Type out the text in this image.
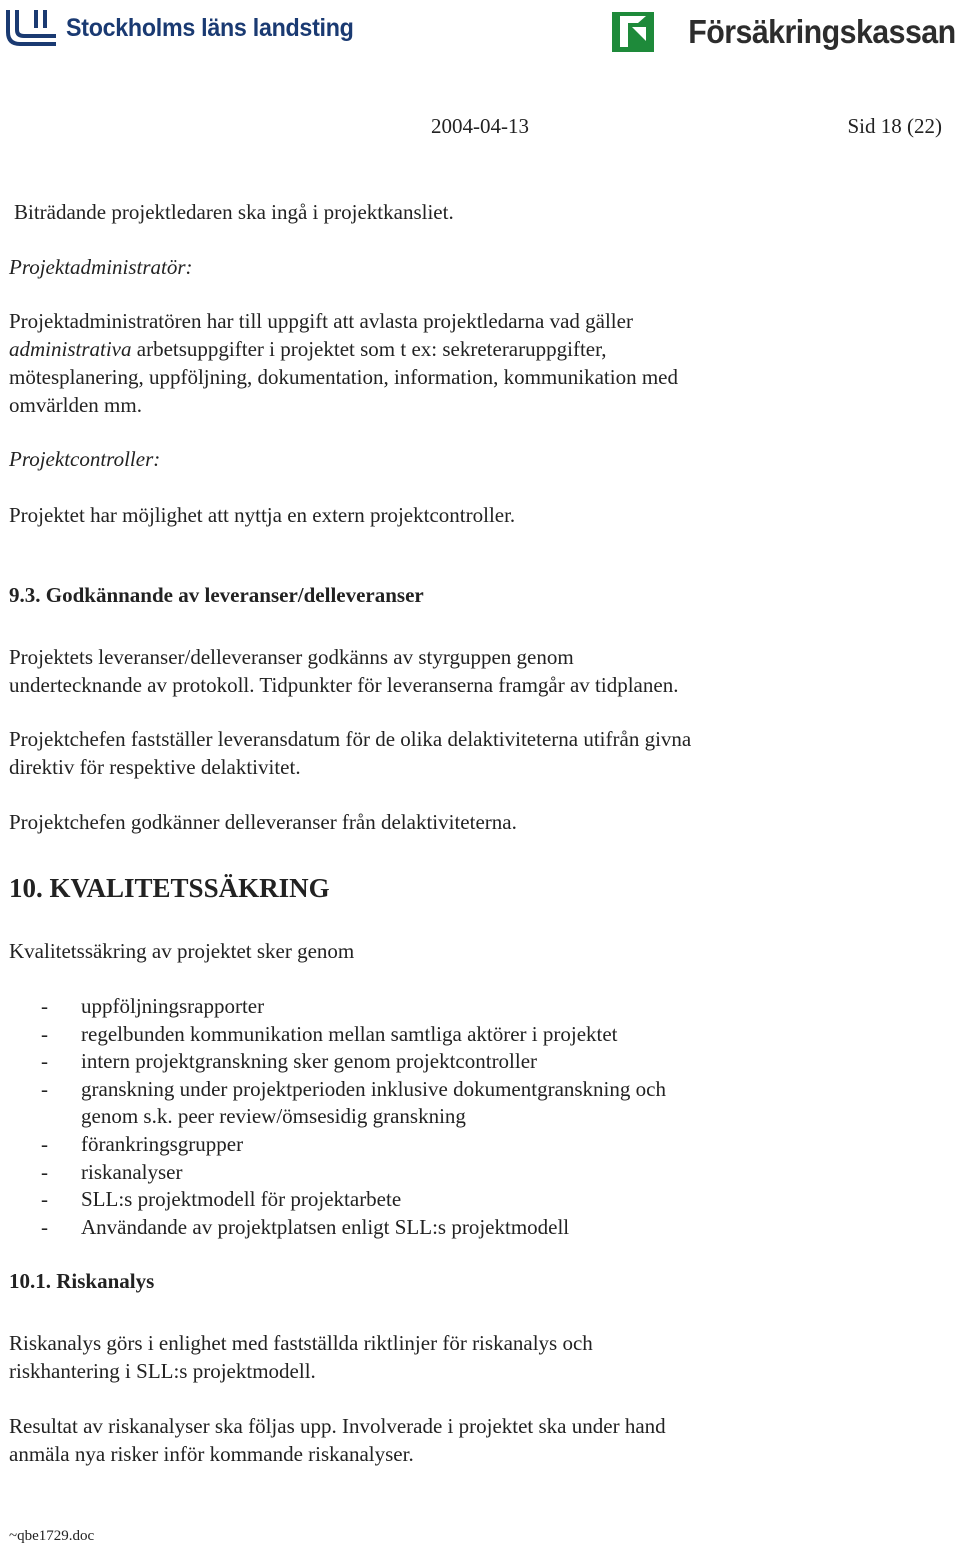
Stockholms läns landsting	Försäkringskassan
2004-04-13	Sid 18 (22)

Biträdande projektledaren ska ingå i projektkansliet.

Projektadministratör:

Projektadministratören har till uppgift att avlasta projektledarna vad gäller
administrativa arbetsuppgifter i projektet som t ex: sekreteraruppgifter,
mötesplanering, uppföljning, dokumentation, information, kommunikation med
omvärlden mm.

Projektcontroller:

Projektet har möjlighet att nyttja en extern projektcontroller.

9.3. Godkännande av leveranser/delleveranser

Projektets leveranser/delleveranser godkänns av styrguppen genom
undertecknande av protokoll. Tidpunkter för leveranserna framgår av tidplanen.
Projektchefen fastställer leveransdatum för de olika delaktiviteterna utifrån givna
direktiv för respektive delaktivitet.

Projektchefen godkänner delleveranser från delaktiviteterna.

10. KVALITETSSÄKRING

Kvalitetssäkring av projektet sker genom

- uppföljningsrapporter
- regelbunden kommunikation mellan samtliga aktörer i projektet
- intern projektgranskning sker genom projektcontroller
- granskning under projektperioden inklusive dokumentgranskning och
genom s.k. peer review/ömsesidig granskning
- förankringsgrupper
- riskanalyser
- SLL:s projektmodell för projektarbete
- Användande av projektplatsen enligt SLL:s projektmodell

10.1. Riskanalys

Riskanalys görs i enlighet med fastställda riktlinjer för riskanalys och
riskhantering i SLL:s projektmodell.
Resultat av riskanalyser ska följas upp. Involverade i projektet ska under hand
anmäla nya risker inför kommande riskanalyser.
~qbe1729.doc
